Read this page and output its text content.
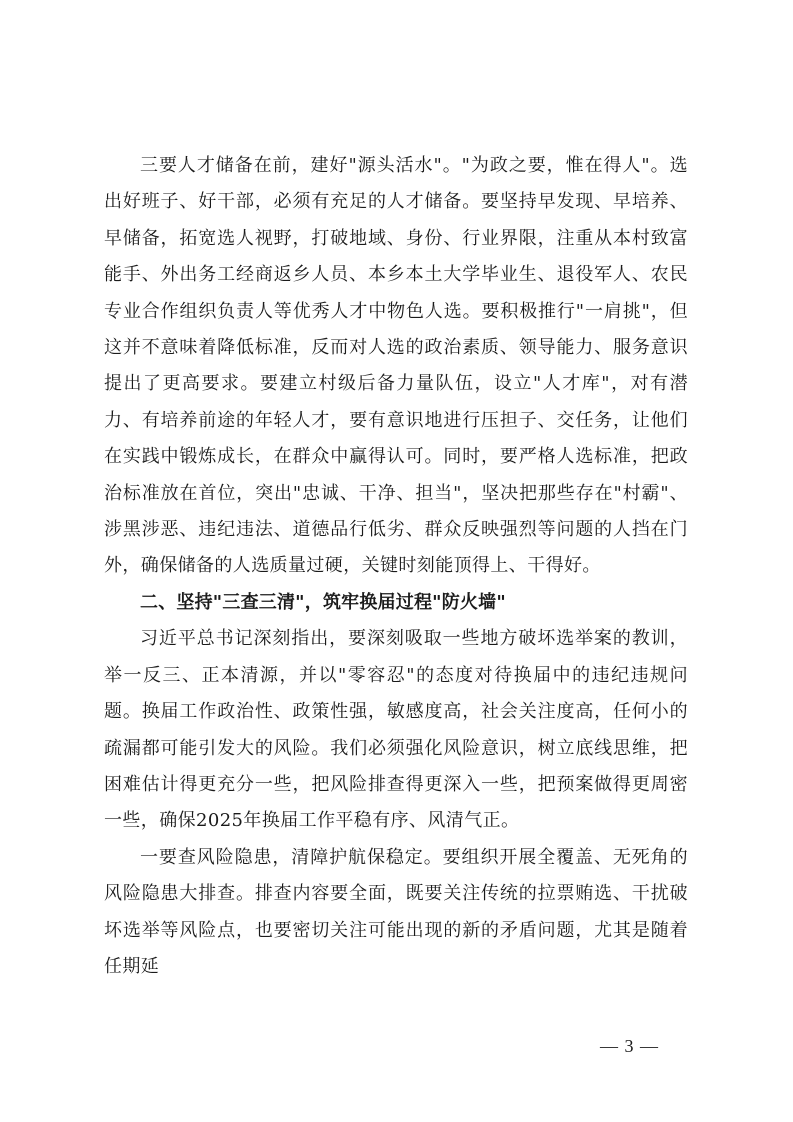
三要人才储备在前，建好"源头活水"。"为政之要，惟在得人"。选出好班子、好干部，必须有充足的人才储备。要坚持早发现、早培养、早储备，拓宽选人视野，打破地域、身份、行业界限，注重从本村致富能手、外出务工经商返乡人员、本乡本土大学毕业生、退役军人、农民专业合作组织负责人等优秀人才中物色人选。要积极推行"一肩挑"，但这并不意味着降低标准，反而对人选的政治素质、领导能力、服务意识提出了更高要求。要建立村级后备力量队伍，设立"人才库"，对有潜力、有培养前途的年轻人才，要有意识地进行压担子、交任务，让他们在实践中锻炼成长，在群众中赢得认可。同时，要严格人选标准，把政治标准放在首位，突出"忠诚、干净、担当"，坚决把那些存在"村霸"、涉黑涉恶、违纪违法、道德品行低劣、群众反映强烈等问题的人挡在门外，确保储备的人选质量过硬，关键时刻能顶得上、干得好。

二、坚持"三查三清"，筑牢换届过程"防火墙"

习近平总书记深刻指出，要深刻吸取一些地方破坏选举案的教训，举一反三、正本清源，并以"零容忍"的态度对待换届中的违纪违规问题。换届工作政治性、政策性强，敏感度高，社会关注度高，任何小的疏漏都可能引发大的风险。我们必须强化风险意识，树立底线思维，把困难估计得更充分一些，把风险排查得更深入一些，把预案做得更周密一些，确保2025年换届工作平稳有序、风清气正。

一要查风险隐患，清障护航保稳定。要组织开展全覆盖、无死角的风险隐患大排查。排查内容要全面，既要关注传统的拉票贿选、干扰破坏选举等风险点，也要密切关注可能出现的新的矛盾问题，尤其是随着任期延

— 3 —
